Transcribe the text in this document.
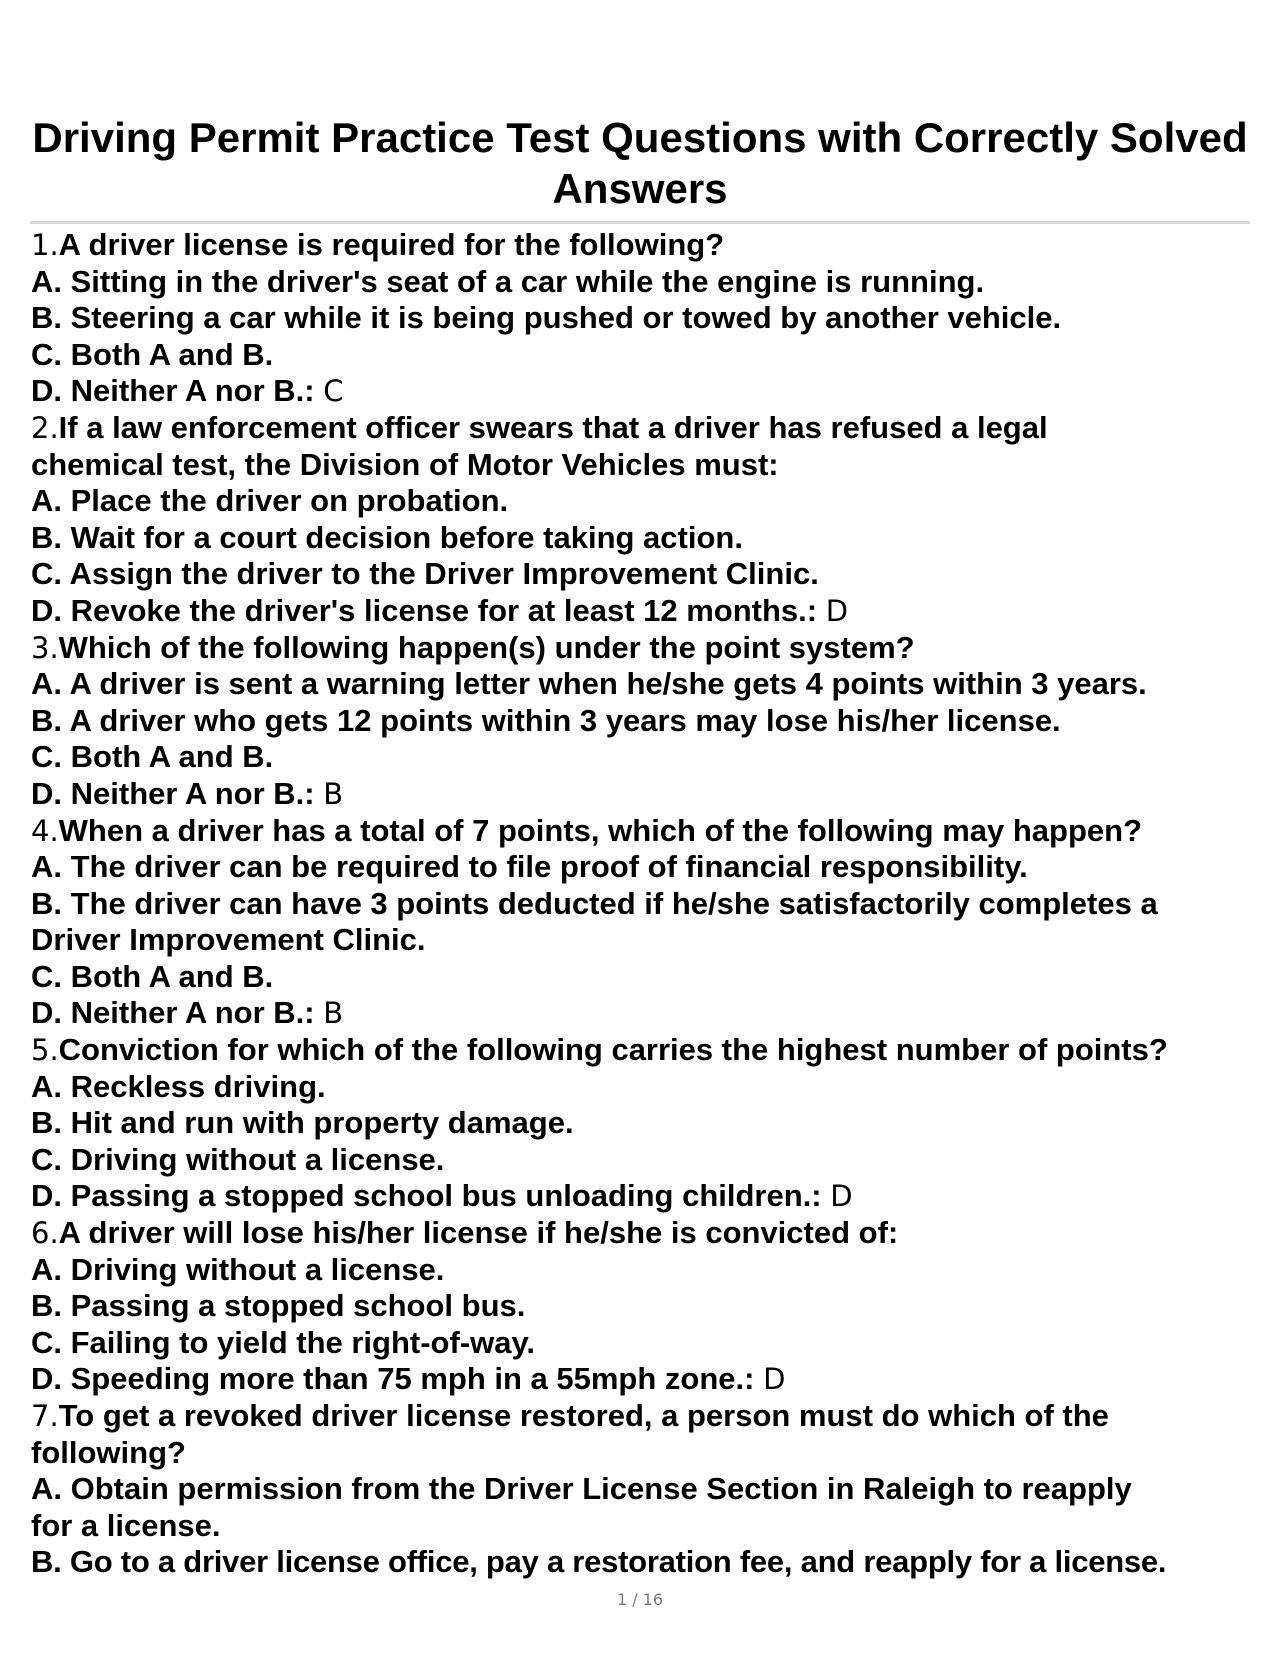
Driving Permit Practice Test Questions with Correctly Solved Answers
1.A driver license is required for the following?
A. Sitting in the driver's seat of a car while the engine is running.
B. Steering a car while it is being pushed or towed by another vehicle.
C. Both A and B.
D. Neither A nor B.: C
2.If a law enforcement officer swears that a driver has refused a legal chemical test, the Division of Motor Vehicles must:
A. Place the driver on probation.
B. Wait for a court decision before taking action.
C. Assign the driver to the Driver Improvement Clinic.
D. Revoke the driver's license for at least 12 months.: D
3.Which of the following happen(s) under the point system?
A. A driver is sent a warning letter when he/she gets 4 points within 3 years.
B. A driver who gets 12 points within 3 years may lose his/her license.
C. Both A and B.
D. Neither A nor B.: B
4.When a driver has a total of 7 points, which of the following may happen?
A. The driver can be required to file proof of financial responsibility.
B. The driver can have 3 points deducted if he/she satisfactorily completes a Driver Improvement Clinic.
C. Both A and B.
D. Neither A nor B.: B
5.Conviction for which of the following carries the highest number of points?
A. Reckless driving.
B. Hit and run with property damage.
C. Driving without a license.
D. Passing a stopped school bus unloading children.: D
6.A driver will lose his/her license if he/she is convicted of:
A. Driving without a license.
B. Passing a stopped school bus.
C. Failing to yield the right-of-way.
D. Speeding more than 75 mph in a 55mph zone.: D
7.To get a revoked driver license restored, a person must do which of the following?
A. Obtain permission from the Driver License Section in Raleigh to reapply for a license.
B. Go to a driver license office, pay a restoration fee, and reapply for a license.
1 / 16
